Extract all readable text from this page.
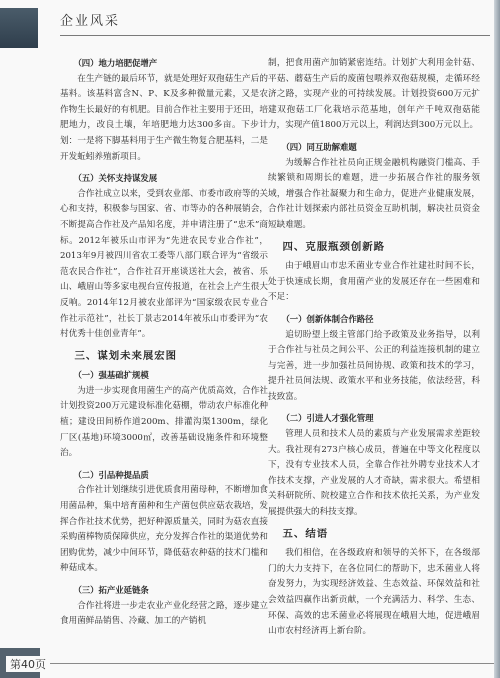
企业风采

（四）地力培肥促增产

在生产链的最后环节，就是处理好双孢菇生产后的基料。该基料富含N、P、K及多种微量元素，又是农作物生长最好的有机肥。目前合作社主要用于还田，培肥地力，改良土壤，年培肥地力达300多亩。下步计划：一是将下脚基料用于生产微生物复合肥基料，二是开发蚯蚓养殖新项目。

（五）关怀支持谋发展

合作社成立以来，受到农业部、市委市政府等的关心和支持，积极参与国家、省、市等办的各种展销会，不断提高合作社及产品知名度，并申请注册了“忠禾”商标。2012年被乐山市评为“先进农民专业合作社”，2013年9月被四川省农工委等八部门联合评为“省级示范农民合作社”，合作社召开座谈送社大会，被省、乐山、峨眉山等多家电视台宣传报道，在社会上产生很大反响。2014年12月被农业部评为“国家级农民专业合作社示范社”，社长丁景志2014年被乐山市委评为“农村优秀十佳创业青年”。

三、谋划未来展宏图

（一）强基础扩规模

为进一步实现食用菌生产的高产优质高效，合作社计划投资200万元建设标准化菇棚，带动农户标准化种植；建设田间桥作道200m、排灌沟渠1300m，绿化厂区(基地)环境3000㎡，改善基础设施条件和环境整治。

（二）引品种提品质

合作社计划继续引进优质食用菌母种，不断增加食用菌品种，集中培育菌种和生产菌包供应菇农栽培，发挥合作社技术优势，把好种源质量关，同时为菇农直接采购菌棒物质保障供应，充分发挥合作社的渠道优势和团购优势，减少中间环节，降低菇农种菇的技术门槛和种菇成本。

（三）拓产业延链条

合作社将进一步走农业产业化经营之路，逐步建立食用菌鲜品销售、冷藏、加工的产销机

制，把食用菌产加销紧密连结。计划扩大利用金针菇、平菇、蘑菇生产后的废菌包喂养双孢菇规模，走循环经济之路，实现产业的可持续发展。计划投资600万元扩建双孢菇工厂化栽培示范基地，创年产千吨双孢菇能力，实现产值1800万元以上，利润达到300万元以上。

（四）同互助解难题

为缓解合作社社员向正规金融机构融资门槛高、手续繁锁和周期长的难题，进一步拓展合作社的服务领域，增强合作社凝聚力和生命力，促进产业健康发展，合作社计划探索内部社员资金互助机制，解决社员资金短缺难题。

四、克服瓶颈创新路

由于峨眉山市忠禾菌业专业合作社建社时间不长，处于快速成长期，食用菌产业的发展还存在一些困难和不足：

（一）创新体制合作路径

追切盼望上级主管部门给予政策及业务指导，以利于合作社与社员之间公平、公正的利益连接机制的建立与完善，进一步加强社员间协规、政策和技术的学习，提升社员间法规、政策水平和业务技能，依法经营，科技致富。

（二）引进人才强化管理

管理人员和技术人员的素质与产业发展需求差距较大。我社现有273户核心成员，普遍在中等文化程度以下，没有专业技术人员，全靠合作社外聘专业技术人才作技术支撑，产业发展的人才奇缺，需求很大。希望相关科研院所、院校建立合作和技术依托关系，为产业发展提供强大的科技支撑。

五、结语

我们相信，在各级政府和领导的关怀下，在各级部门的大力支持下，在各位同仁的帮助下，忠禾菌业人将奋发努力，为实现经济效益、生态效益、环保效益和社会效益四赢作出新贡献，一个充满活力、科学、生态、环保、高效的忠禾菌业必将展现在峨眉大地，促进峨眉山市农村经济再上新台阶。

第40页
